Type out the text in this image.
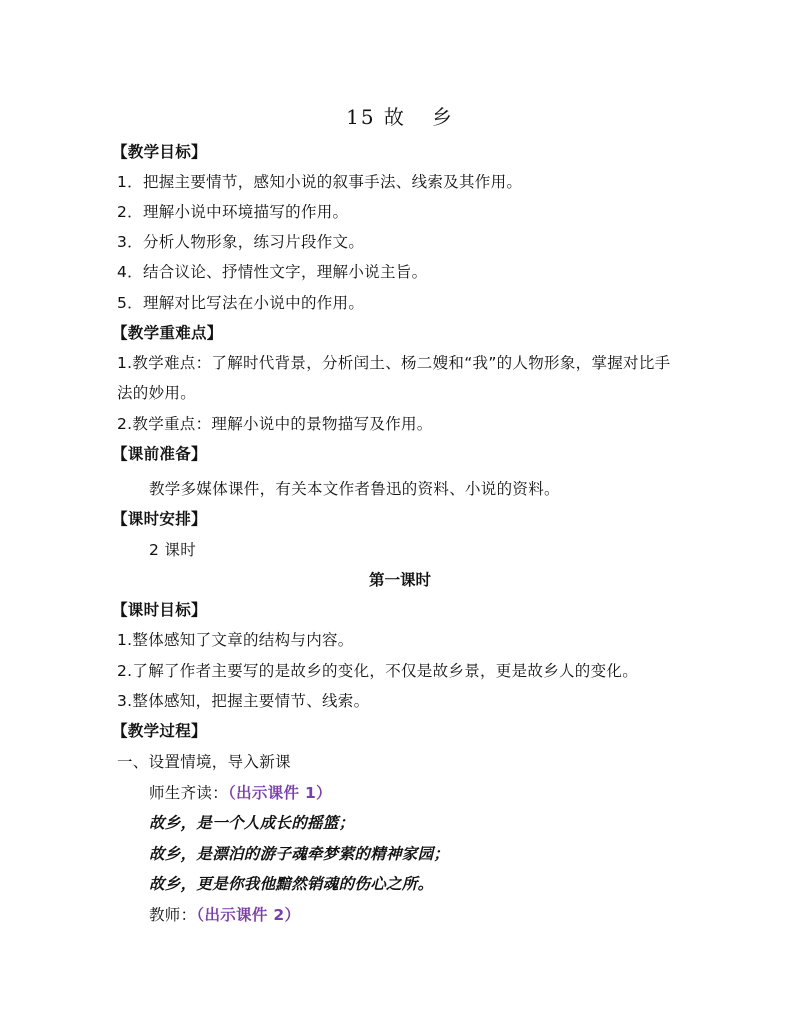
15 故 乡
【教学目标】
1．把握主要情节，感知小说的叙事手法、线索及其作用。
2．理解小说中环境描写的作用。
3．分析人物形象，练习片段作文。
4．结合议论、抒情性文字，理解小说主旨。
5．理解对比写法在小说中的作用。
【教学重难点】
1.教学难点：了解时代背景，分析闰土、杨二嫂和“我”的人物形象，掌握对比手
法的妙用。
2.教学重点：理解小说中的景物描写及作用。
【课前准备】
教学多媒体课件，有关本文作者鲁迅的资料、小说的资料。
【课时安排】
2 课时
第一课时
【课时目标】
1.整体感知了文章的结构与内容。
2.了解了作者主要写的是故乡的变化，不仅是故乡景，更是故乡人的变化。
3.整体感知，把握主要情节、线索。
【教学过程】
一、设置情境，导入新课
师生齐读：（出示课件 1）
故乡，是一个人成长的摇篮；
故乡，是漂泊的游子魂牵梦萦的精神家园；
故乡，更是你我他黯然销魂的伤心之所。
教师：（出示课件 2）
